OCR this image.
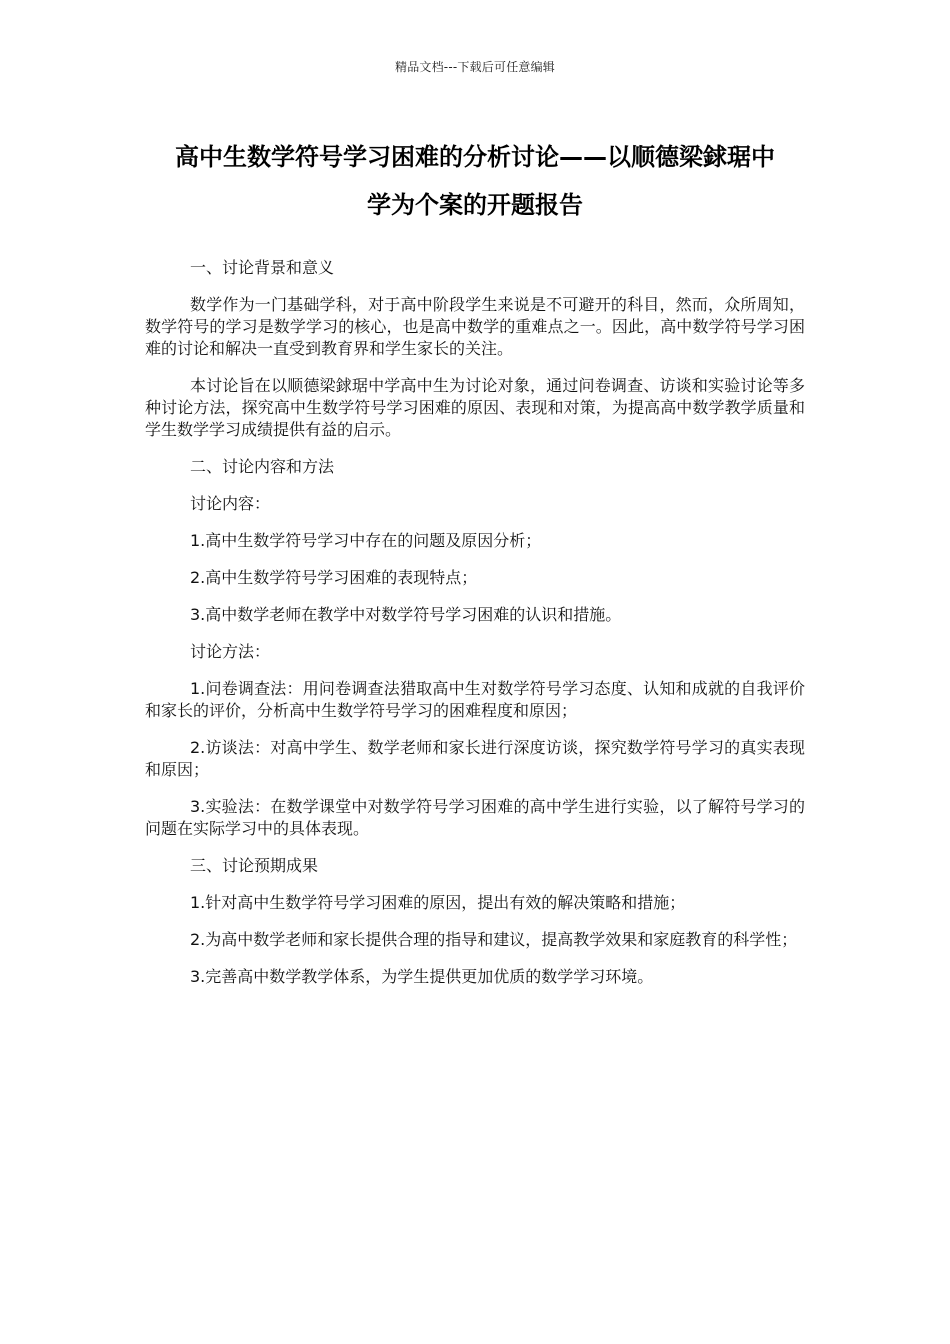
精品文档---下载后可任意编辑
高中生数学符号学习困难的分析讨论——以顺德梁銶琚中
学为个案的开题报告

一、讨论背景和意义

数学作为一门基础学科，对于高中阶段学生来说是不可避开的科目，然而，众所周知，数学符号的学习是数学学习的核心，也是高中数学的重难点之一。因此，高中数学符号学习困难的讨论和解决一直受到教育界和学生家长的关注。

本讨论旨在以顺德梁銶琚中学高中生为讨论对象，通过问卷调查、访谈和实验讨论等多种讨论方法，探究高中生数学符号学习困难的原因、表现和对策，为提高高中数学教学质量和学生数学学习成绩提供有益的启示。

二、讨论内容和方法

讨论内容：

1.高中生数学符号学习中存在的问题及原因分析；

2.高中生数学符号学习困难的表现特点；

3.高中数学老师在教学中对数学符号学习困难的认识和措施。

讨论方法：

1.问卷调查法：用问卷调查法猎取高中生对数学符号学习态度、认知和成就的自我评价和家长的评价，分析高中生数学符号学习的困难程度和原因；

2.访谈法：对高中学生、数学老师和家长进行深度访谈，探究数学符号学习的真实表现和原因；

3.实验法：在数学课堂中对数学符号学习困难的高中学生进行实验，以了解符号学习的问题在实际学习中的具体表现。

三、讨论预期成果

1.针对高中生数学符号学习困难的原因，提出有效的解决策略和措施；

2.为高中数学老师和家长提供合理的指导和建议，提高教学效果和家庭教育的科学性；

3.完善高中数学教学体系，为学生提供更加优质的数学学习环境。
